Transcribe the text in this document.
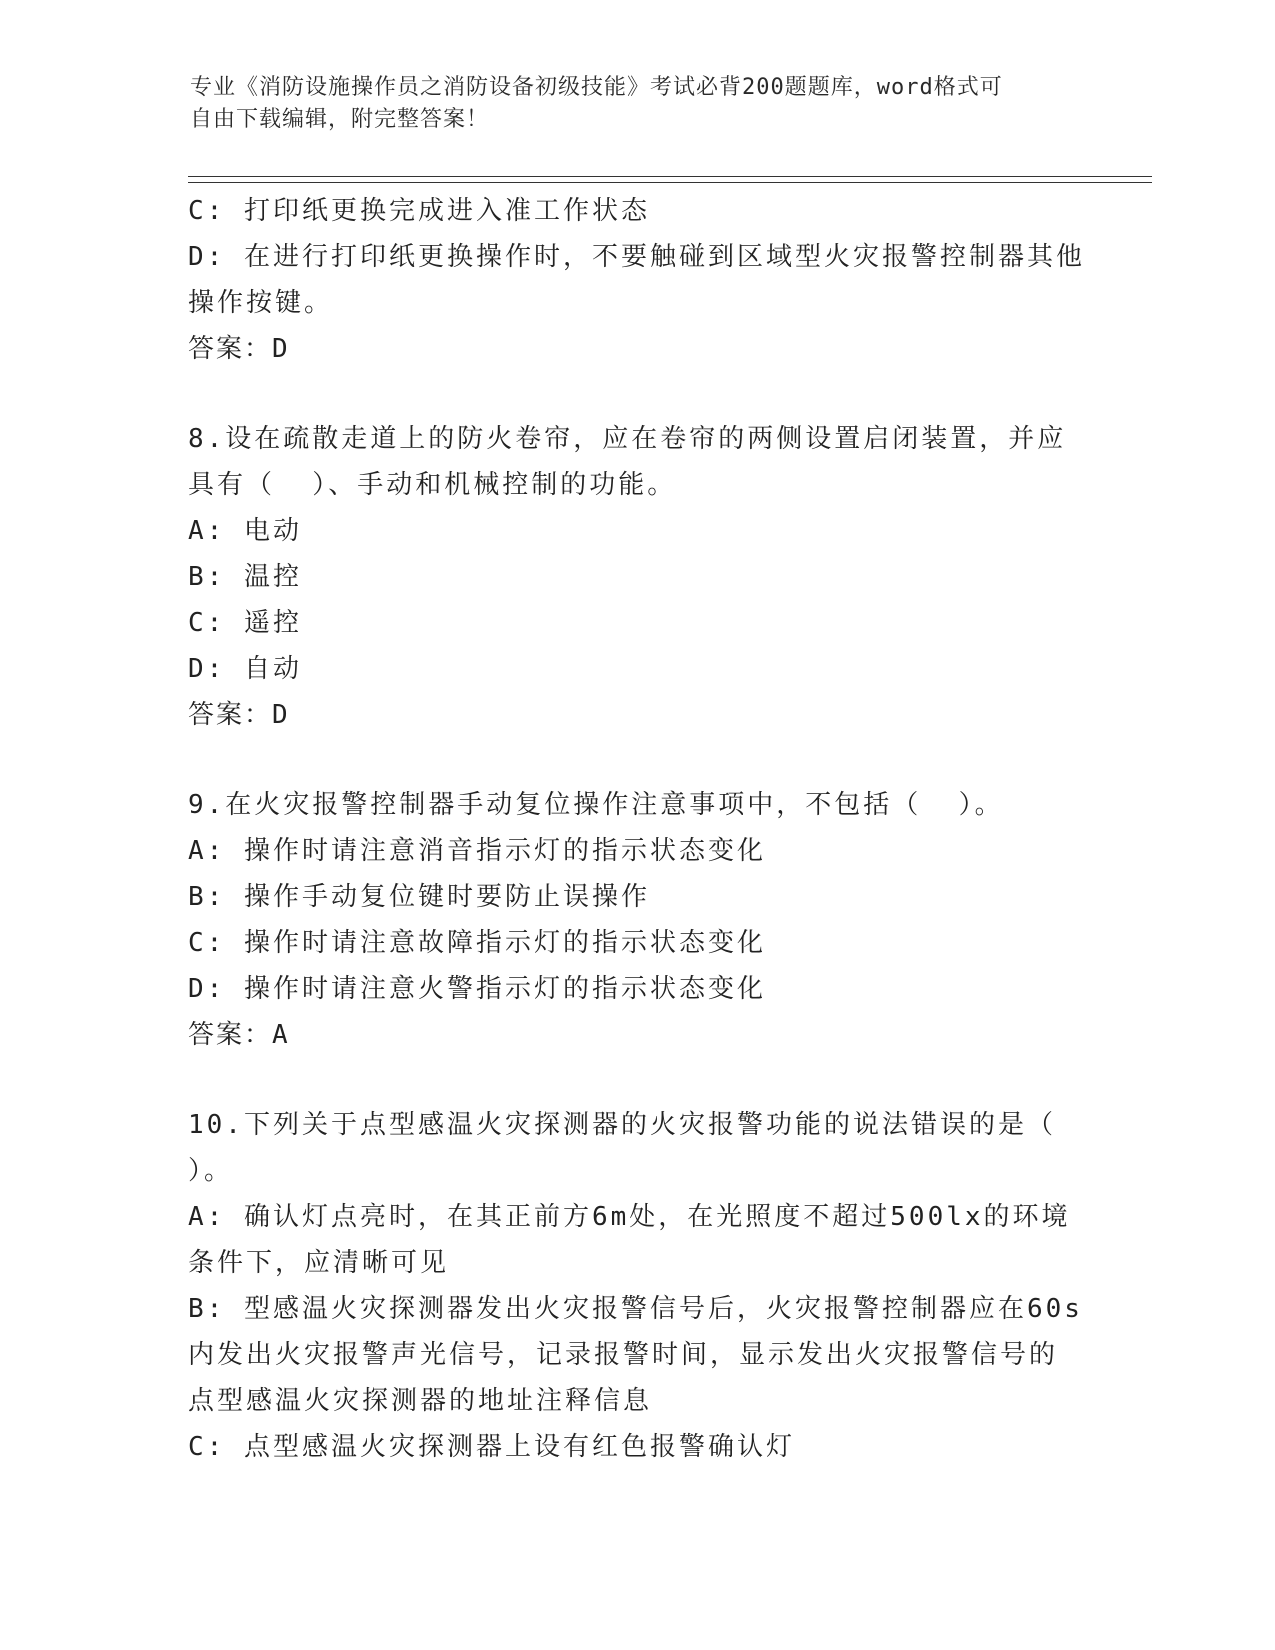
专业《消防设施操作员之消防设备初级技能》考试必背200题题库，word格式可
自由下载编辑，附完整答案！
C: 打印纸更换完成进入准工作状态
D: 在进行打印纸更换操作时，不要触碰到区域型火灾报警控制器其他
操作按键。
答案：D
8.设在疏散走道上的防火卷帘，应在卷帘的两侧设置启闭装置，并应
具有（  ）、手动和机械控制的功能。
A: 电动
B: 温控
C: 遥控
D: 自动
答案：D
9.在火灾报警控制器手动复位操作注意事项中，不包括（  ）。
A: 操作时请注意消音指示灯的指示状态变化
B: 操作手动复位键时要防止误操作
C: 操作时请注意故障指示灯的指示状态变化
D: 操作时请注意火警指示灯的指示状态变化
答案：A
10.下列关于点型感温火灾探测器的火灾报警功能的说法错误的是（
）。
A: 确认灯点亮时，在其正前方6m处，在光照度不超过500lx的环境
条件下，应清晰可见
B: 型感温火灾探测器发出火灾报警信号后，火灾报警控制器应在60s
内发出火灾报警声光信号，记录报警时间，显示发出火灾报警信号的
点型感温火灾探测器的地址注释信息
C: 点型感温火灾探测器上设有红色报警确认灯
